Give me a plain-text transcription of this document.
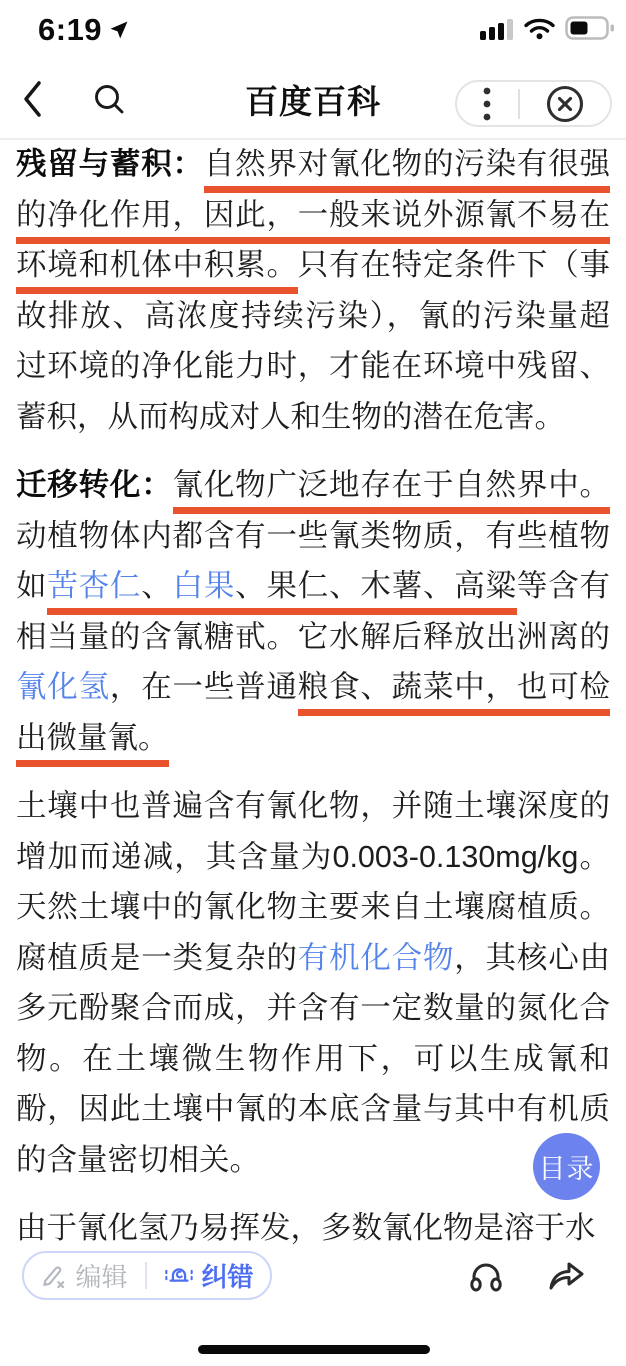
6:19
百度百科

残留与蓄积：自然界对氰化物的污染有很强的净化作用，因此，一般来说外源氰不易在环境和机体中积累。只有在特定条件下（事故排放、高浓度持续污染），氰的污染量超过环境的净化能力时，才能在环境中残留、蓄积，从而构成对人和生物的潜在危害。

迁移转化：氰化物广泛地存在于自然界中。动植物体内都含有一些氰类物质，有些植物如苦杏仁、白果、果仁、木薯、高粱等含有相当量的含氰糖甙。它水解后释放出洲离的氰化氢，在一些普通粮食、蔬菜中，也可检出微量氰。

土壤中也普遍含有氰化物，并随土壤深度的增加而递减，其含量为0.003-0.130mg/kg。天然土壤中的氰化物主要来自土壤腐植质。腐植质是一类复杂的有机化合物，其核心由多元酚聚合而成，并含有一定数量的氮化合物。在土壤微生物作用下，可以生成氰和酚，因此土壤中氰的本底含量与其中有机质的含量密切相关。

由于氰化氢乃易挥发，多数氰化物是溶于水

目录
编辑	纠错
